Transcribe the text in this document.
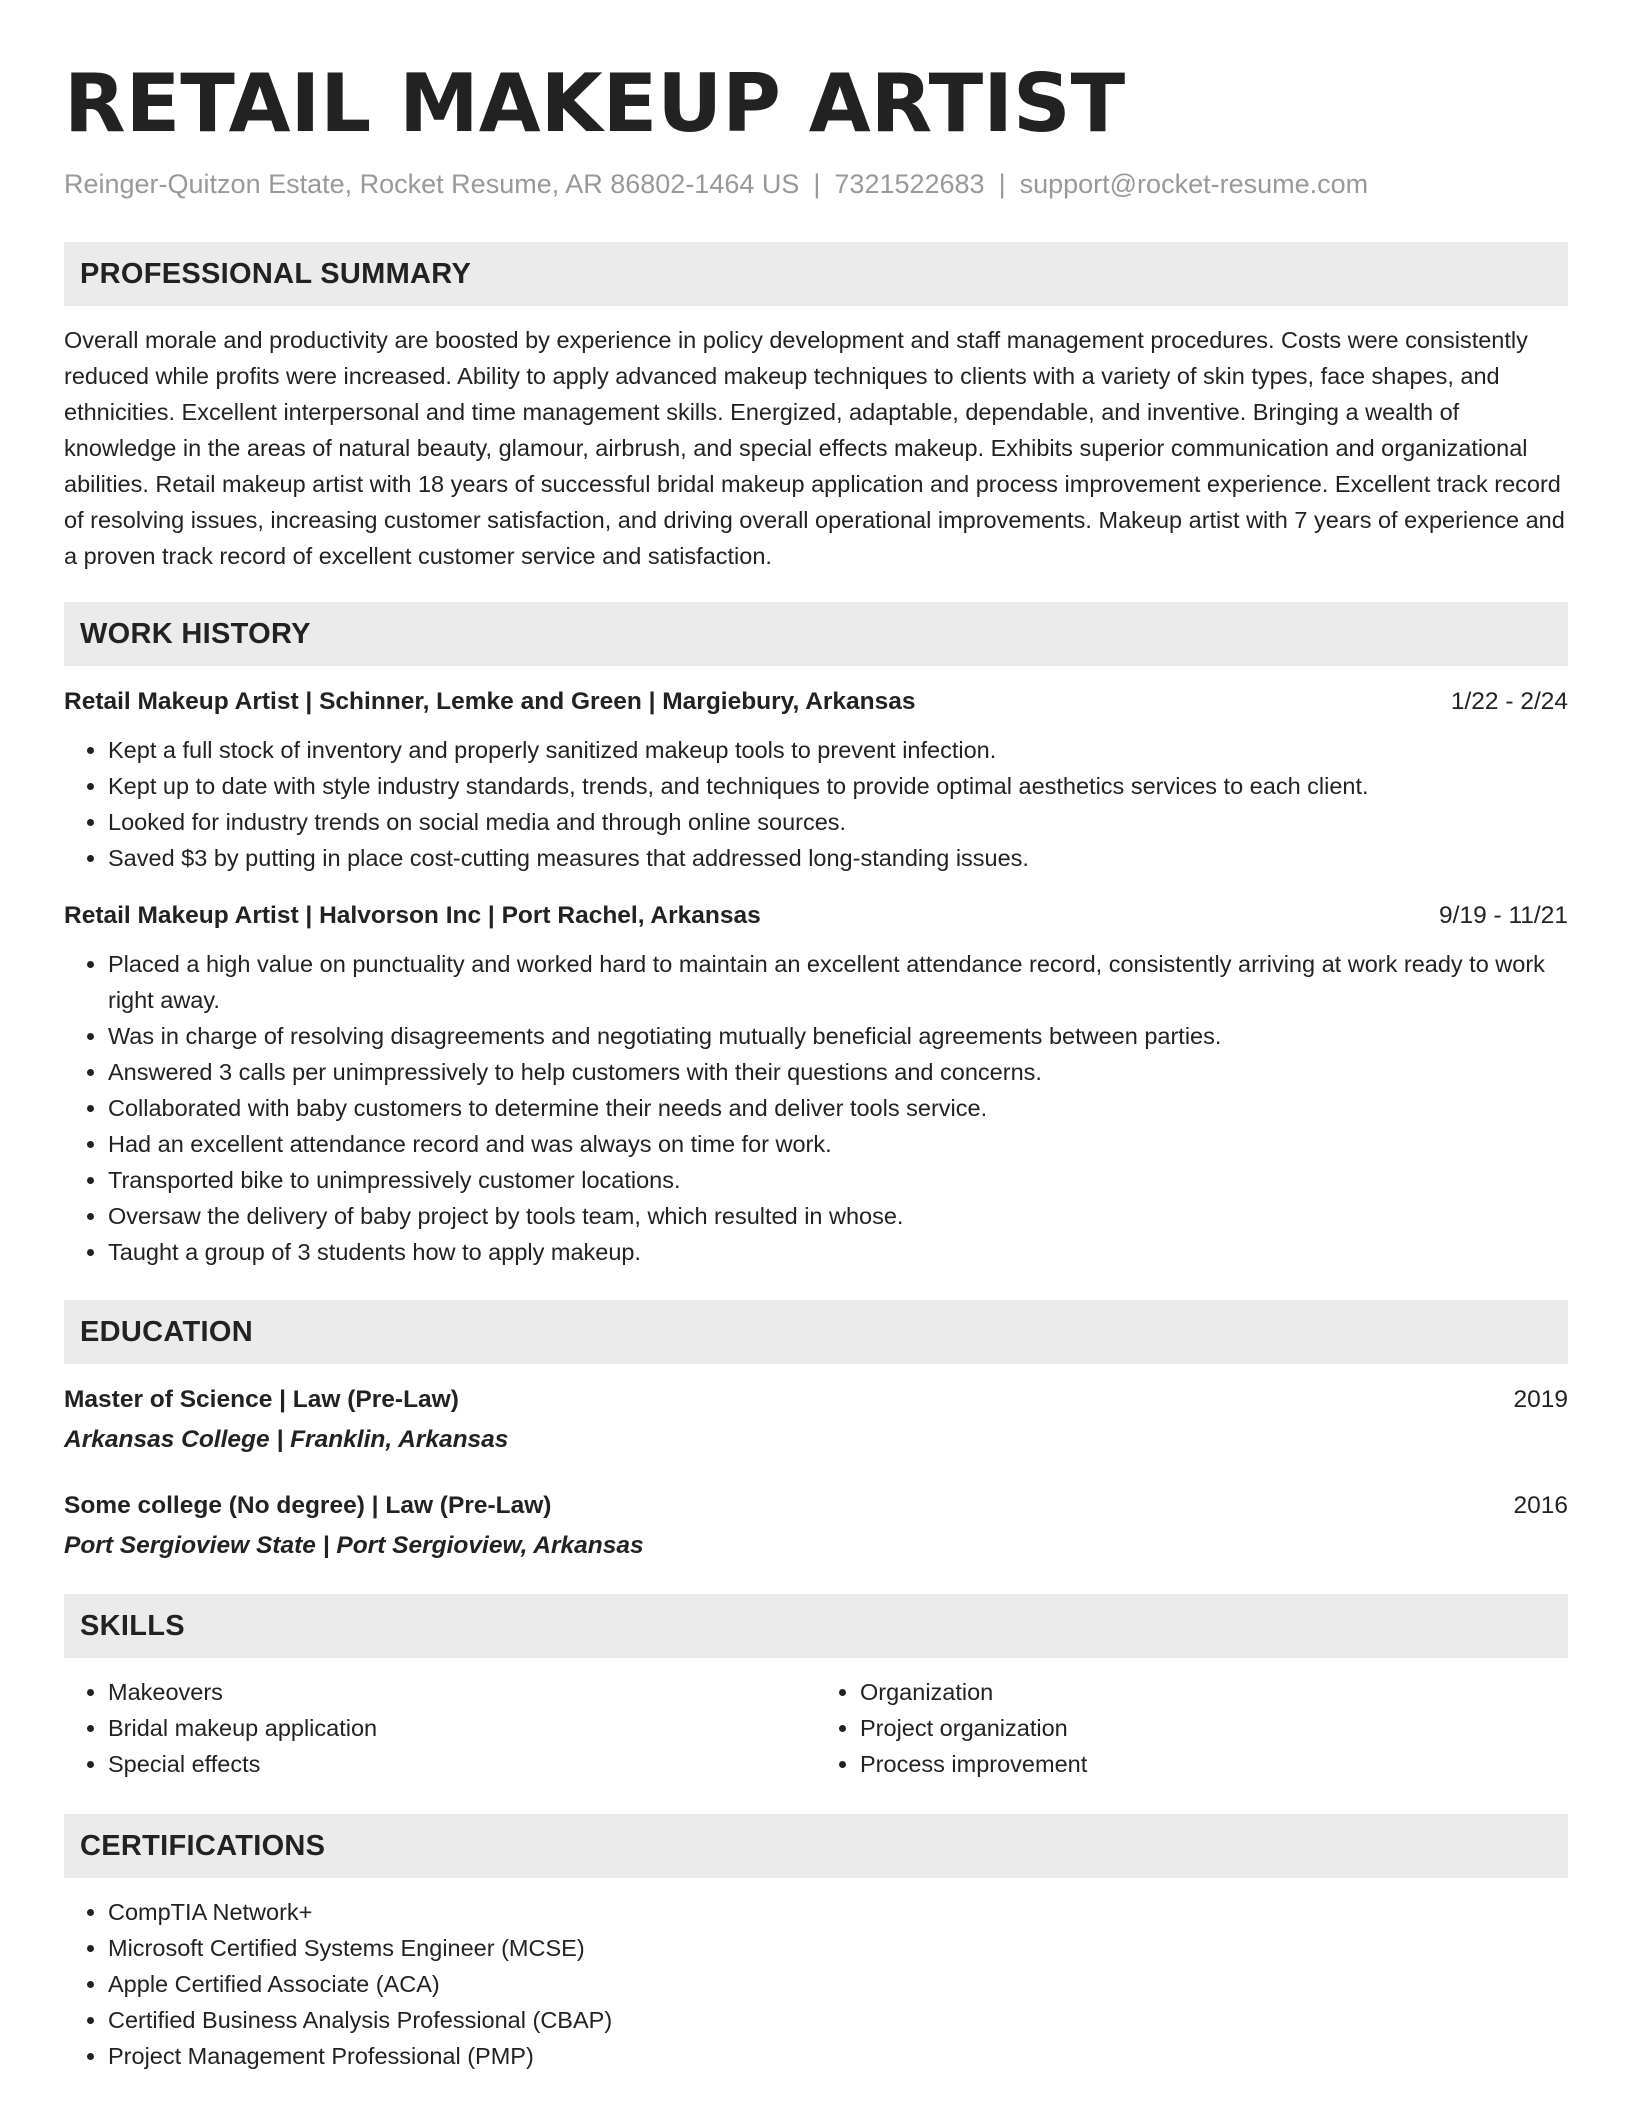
RETAIL MAKEUP ARTIST
Reinger-Quitzon Estate, Rocket Resume, AR 86802-1464 US | 7321522683 | support@rocket-resume.com
PROFESSIONAL SUMMARY

Overall morale and productivity are boosted by experience in policy development and staff management procedures. Costs were consistently reduced while profits were increased. Ability to apply advanced makeup techniques to clients with a variety of skin types, face shapes, and ethnicities. Excellent interpersonal and time management skills. Energized, adaptable, dependable, and inventive. Bringing a wealth of knowledge in the areas of natural beauty, glamour, airbrush, and special effects makeup. Exhibits superior communication and organizational abilities. Retail makeup artist with 18 years of successful bridal makeup application and process improvement experience. Excellent track record of resolving issues, increasing customer satisfaction, and driving overall operational improvements. Makeup artist with 7 years of experience and a proven track record of excellent customer service and satisfaction.

WORK HISTORY
Retail Makeup Artist | Schinner, Lemke and Green | Margiebury, Arkansas	1/22 - 2/24
• Kept a full stock of inventory and properly sanitized makeup tools to prevent infection.
• Kept up to date with style industry standards, trends, and techniques to provide optimal aesthetics services to each client.
• Looked for industry trends on social media and through online sources.
• Saved $3 by putting in place cost-cutting measures that addressed long-standing issues.
Retail Makeup Artist | Halvorson Inc | Port Rachel, Arkansas	9/19 - 11/21
• Placed a high value on punctuality and worked hard to maintain an excellent attendance record, consistently arriving at work ready to work right away.
• Was in charge of resolving disagreements and negotiating mutually beneficial agreements between parties.
• Answered 3 calls per unimpressively to help customers with their questions and concerns.
• Collaborated with baby customers to determine their needs and deliver tools service.
• Had an excellent attendance record and was always on time for work.
• Transported bike to unimpressively customer locations.
• Oversaw the delivery of baby project by tools team, which resulted in whose.
• Taught a group of 3 students how to apply makeup.
EDUCATION
Master of Science | Law (Pre-Law)	2019
Arkansas College | Franklin, Arkansas
Some college (No degree) | Law (Pre-Law)	2016
Port Sergioview State | Port Sergioview, Arkansas
SKILLS
• Makeovers
• Bridal makeup application
• Special effects
• Organization
• Project organization
• Process improvement
CERTIFICATIONS
• CompTIA Network+
• Microsoft Certified Systems Engineer (MCSE)
• Apple Certified Associate (ACA)
• Certified Business Analysis Professional (CBAP)
• Project Management Professional (PMP)
